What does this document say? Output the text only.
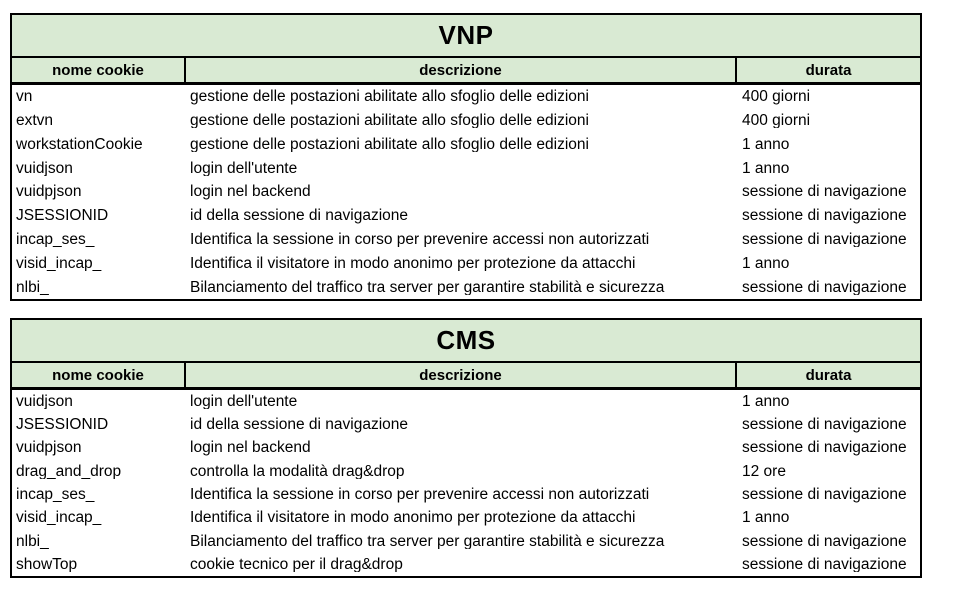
VNP
nome cookie	descrizione	durata
vn	gestione delle postazioni abilitate allo sfoglio delle edizioni	400 giorni
extvn	gestione delle postazioni abilitate allo sfoglio delle edizioni	400 giorni
workstationCookie	gestione delle postazioni abilitate allo sfoglio delle edizioni	1 anno
vuidjson	login dell'utente	1 anno
vuidpjson	login nel backend	sessione di navigazione
JSESSIONID	id della sessione di navigazione	sessione di navigazione
incap_ses_	Identifica la sessione in corso per prevenire accessi non autorizzati	sessione di navigazione
visid_incap_	Identifica il visitatore in modo anonimo per protezione da attacchi	1 anno
nlbi_	Bilanciamento del traffico tra server per garantire stabilità e sicurezza	sessione di navigazione
CMS
nome cookie	descrizione	durata
vuidjson	login dell'utente	1 anno
JSESSIONID	id della sessione di navigazione	sessione di navigazione
vuidpjson	login nel backend	sessione di navigazione
drag_and_drop	controlla la modalità drag&drop	12 ore
incap_ses_	Identifica la sessione in corso per prevenire accessi non autorizzati	sessione di navigazione
visid_incap_	Identifica il visitatore in modo anonimo per protezione da attacchi	1 anno
nlbi_	Bilanciamento del traffico tra server per garantire stabilità e sicurezza	sessione di navigazione
showTop	cookie tecnico per il drag&drop	sessione di navigazione
